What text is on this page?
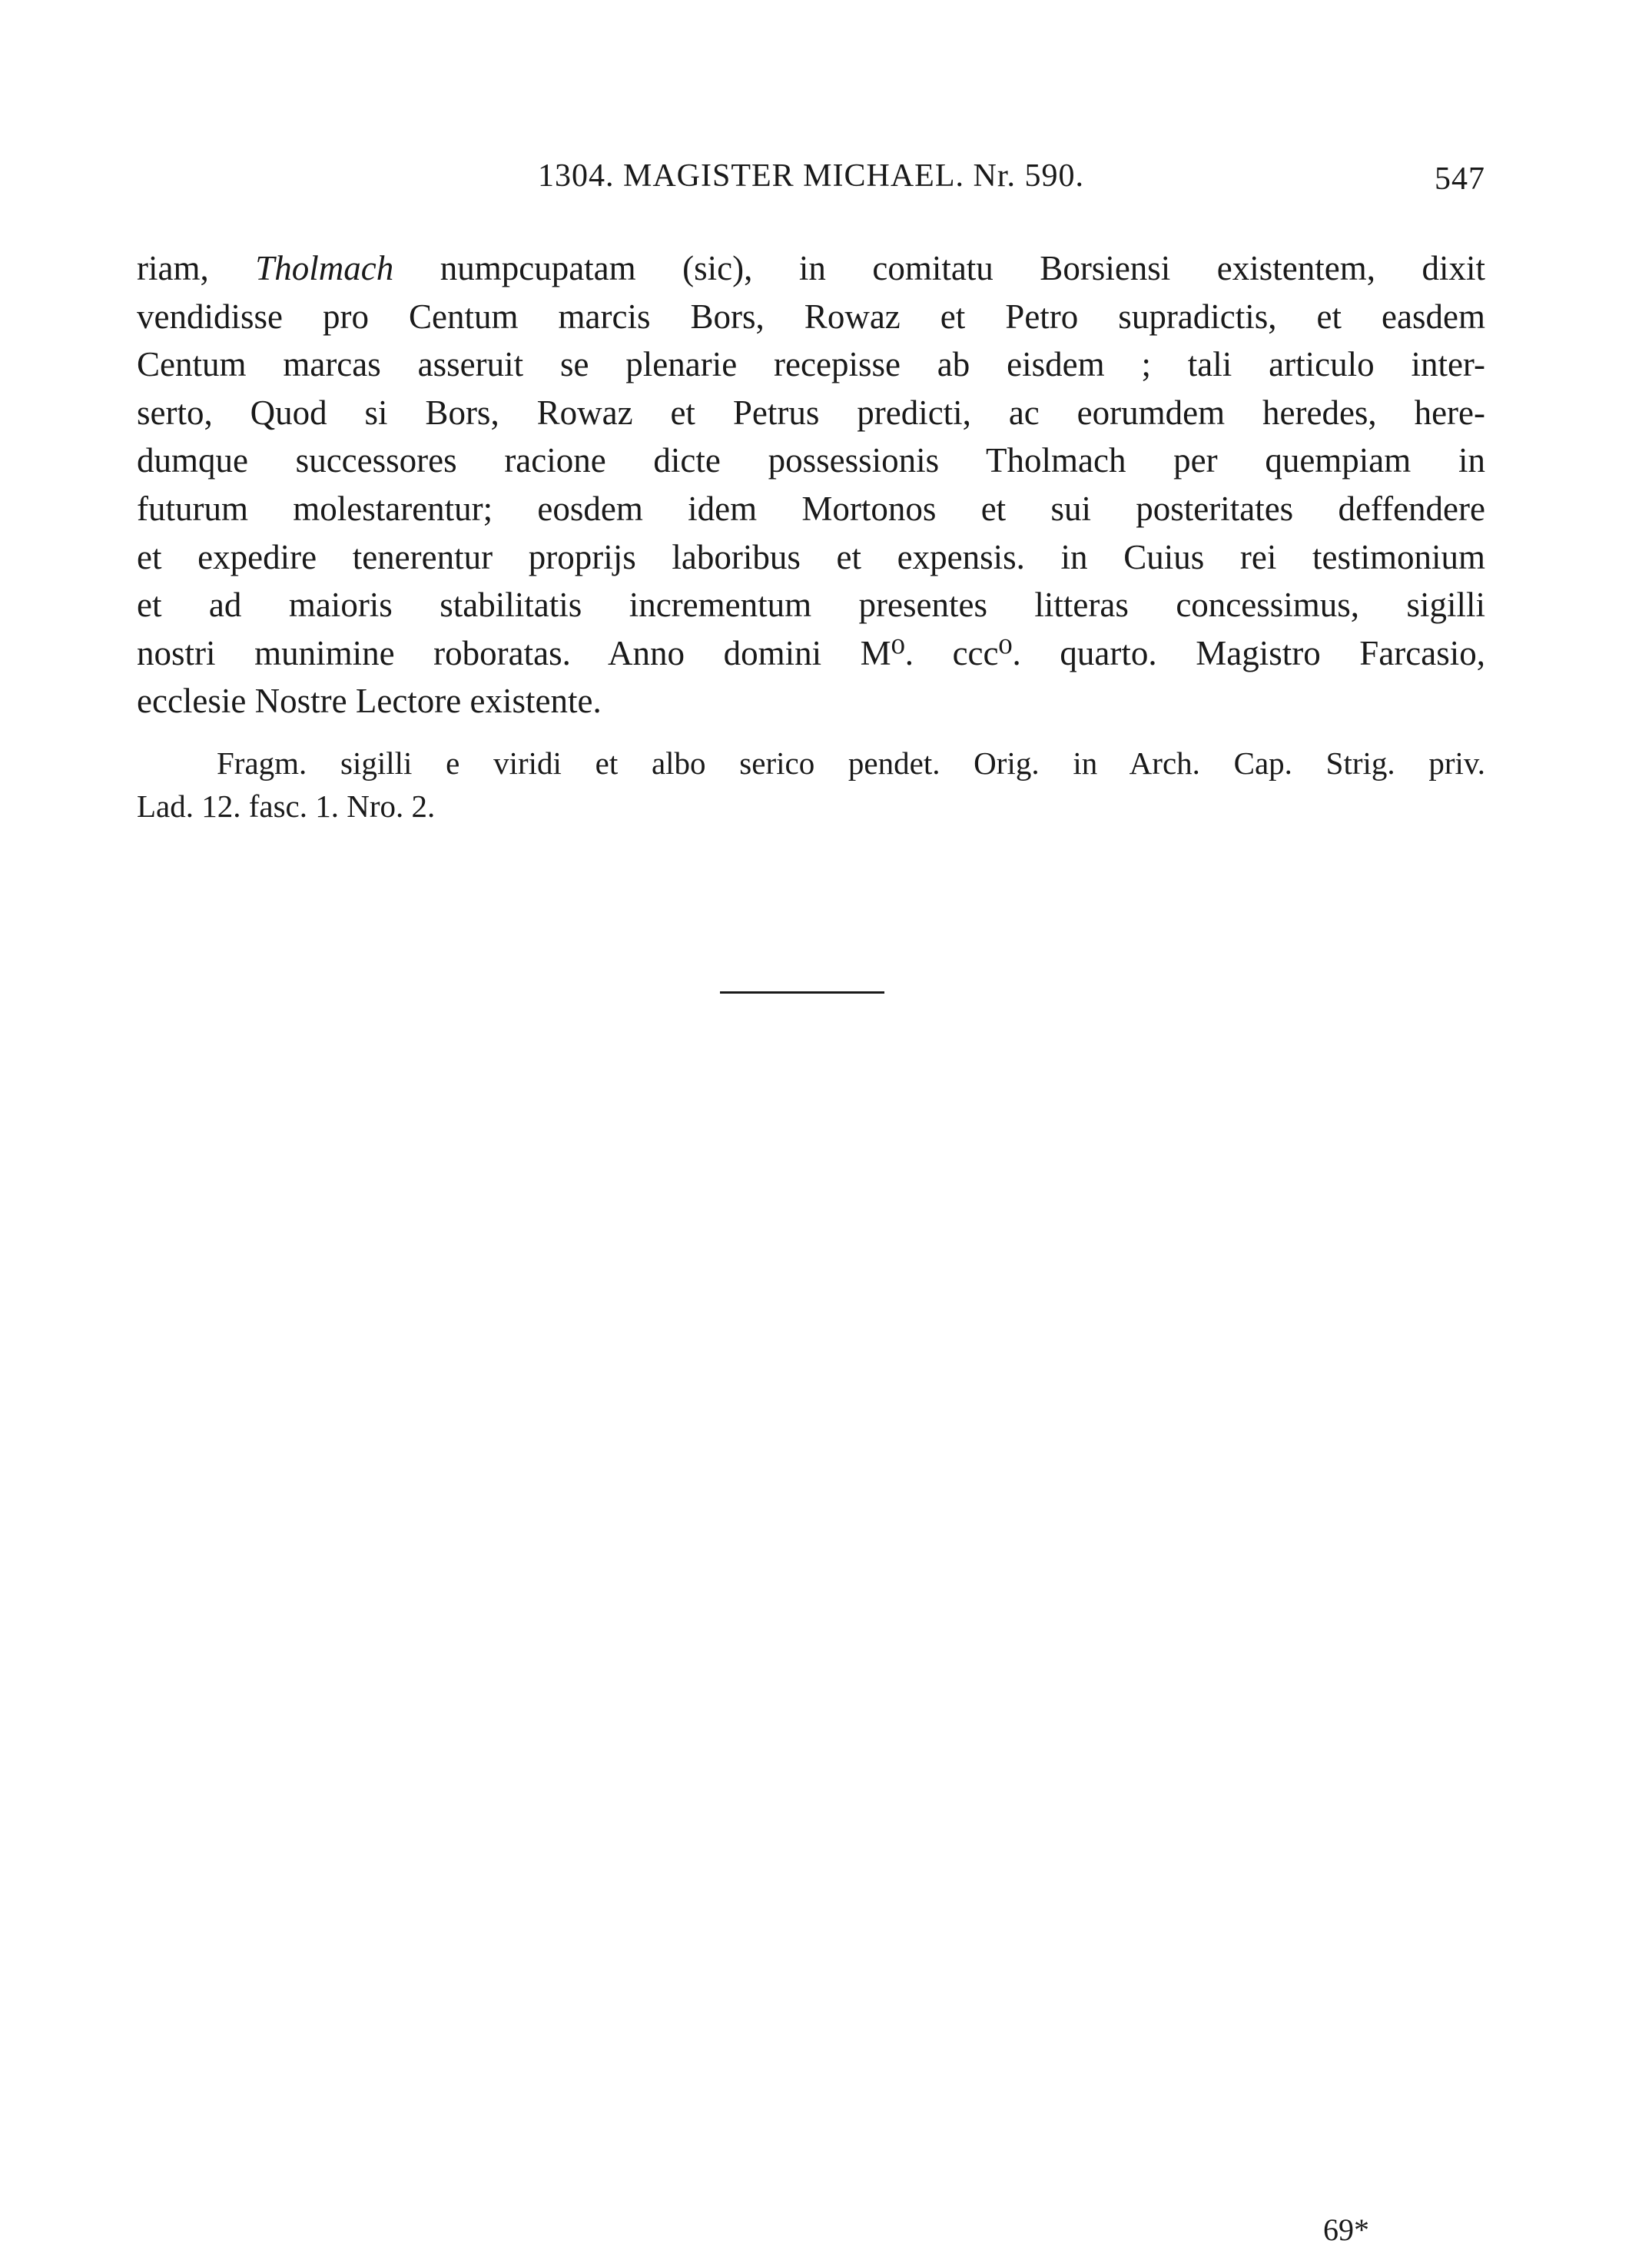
1304. MAGISTER MICHAEL. Nr. 590.	547
riam, Tholmach numpcupatam (sic), in comitatu Borsiensi existentem, dixit
vendidisse pro Centum marcis Bors, Rowaz et Petro supradictis, et easdem
Centum marcas asseruit se plenarie recepisse ab eisdem ; tali articulo inter-
serto, Quod si Bors, Rowaz et Petrus predicti, ac eorumdem heredes, here-
dumque successores racione dicte possessionis Tholmach per quempiam in
futurum molestarentur; eosdem idem Mortonos et sui posteritates deffendere
et expedire tenerentur proprijs laboribus et expensis. in Cuius rei testimonium
et ad maioris stabilitatis incrementum presentes litteras concessimus, sigilli
nostri munimine roboratas. Anno domini M⁰. ccc⁰. quarto. Magistro Farcasio,
ecclesie Nostre Lectore existente.
Fragm. sigilli e viridi et albo serico pendet. Orig. in Arch. Cap. Strig. priv.
Lad. 12. fasc. 1. Nro. 2.
69*
